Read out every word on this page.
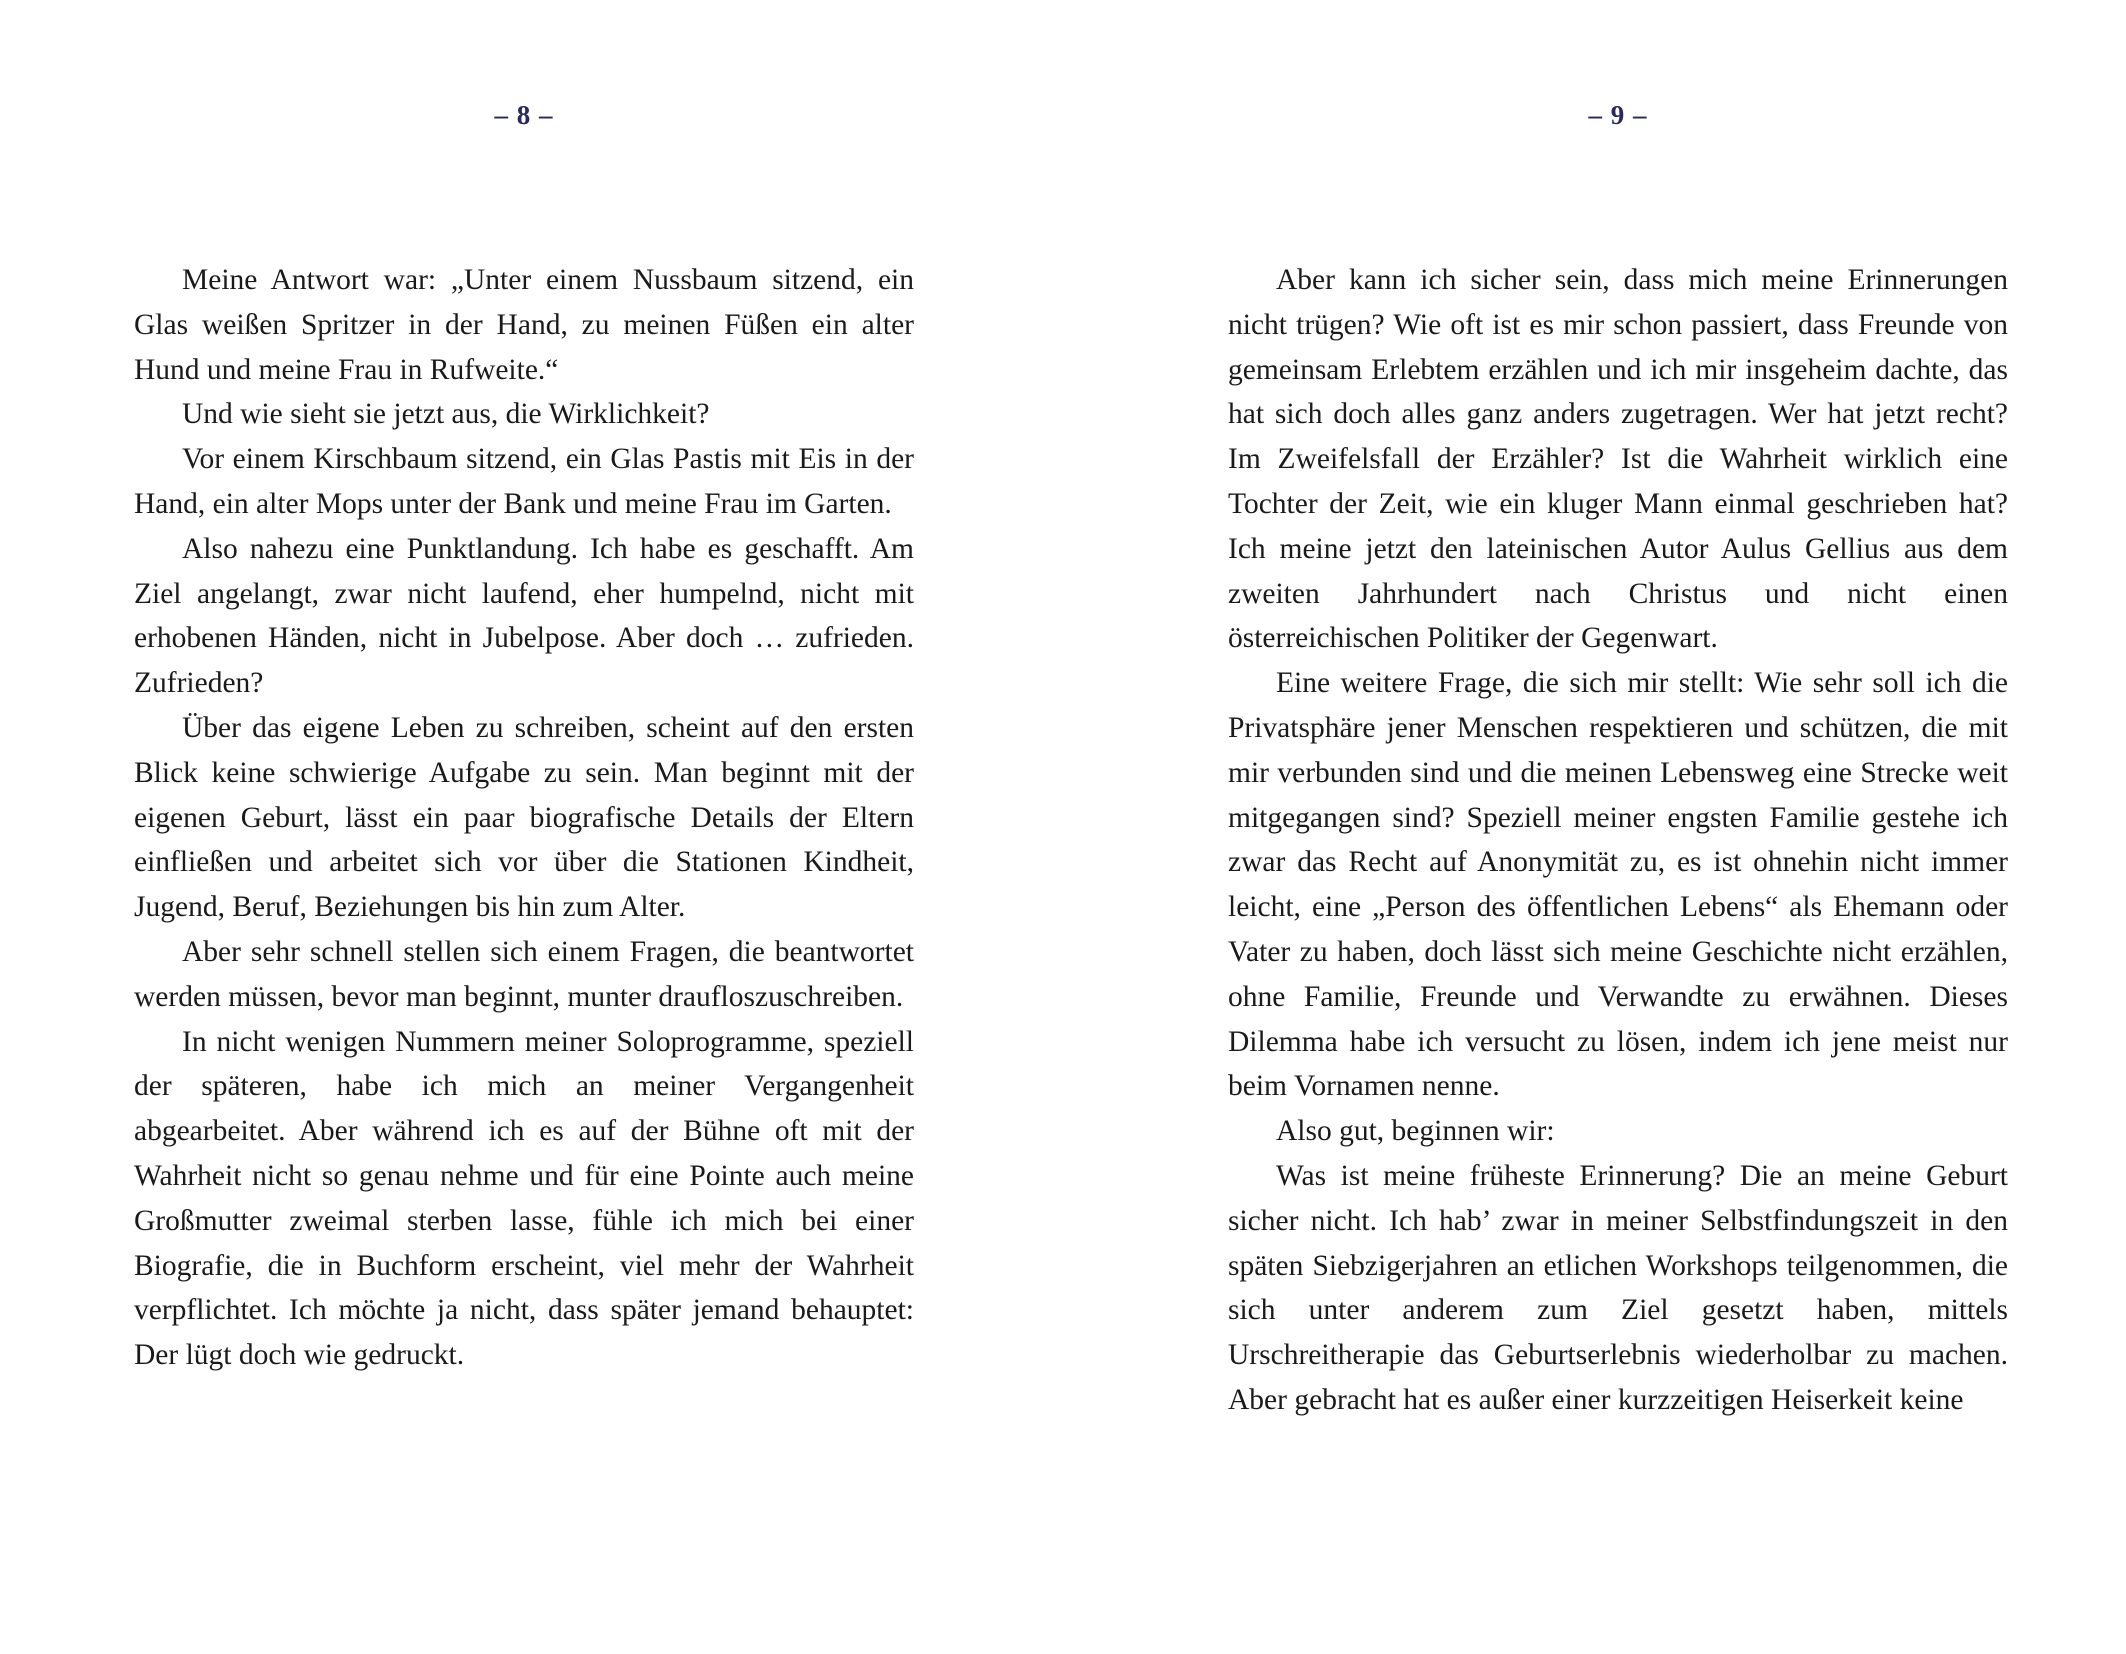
– 8 –

Meine Antwort war: „Unter einem Nussbaum sitzend, ein Glas weißen Spritzer in der Hand, zu meinen Füßen ein alter Hund und meine Frau in Rufweite.“

Und wie sieht sie jetzt aus, die Wirklichkeit?

Vor einem Kirschbaum sitzend, ein Glas Pastis mit Eis in der Hand, ein alter Mops unter der Bank und meine Frau im Garten.

Also nahezu eine Punktlandung. Ich habe es geschafft. Am Ziel angelangt, zwar nicht laufend, eher humpelnd, nicht mit erhobenen Händen, nicht in Jubelpose. Aber doch … zufrieden. Zufrieden?

Über das eigene Leben zu schreiben, scheint auf den ersten Blick keine schwierige Aufgabe zu sein. Man beginnt mit der eigenen Geburt, lässt ein paar biografische Details der Eltern einfließen und arbeitet sich vor über die Stationen Kindheit, Jugend, Beruf, Beziehungen bis hin zum Alter.

Aber sehr schnell stellen sich einem Fragen, die beantwortet werden müssen, bevor man beginnt, munter draufloszuschreiben.

In nicht wenigen Nummern meiner Soloprogramme, speziell der späteren, habe ich mich an meiner Vergangenheit abgearbeitet. Aber während ich es auf der Bühne oft mit der Wahrheit nicht so genau nehme und für eine Pointe auch meine Großmutter zweimal sterben lasse, fühle ich mich bei einer Biografie, die in Buchform erscheint, viel mehr der Wahrheit verpflichtet. Ich möchte ja nicht, dass später jemand behauptet: Der lügt doch wie gedruckt.

– 9 –

Aber kann ich sicher sein, dass mich meine Erinnerungen nicht trügen? Wie oft ist es mir schon passiert, dass Freunde von gemeinsam Erlebtem erzählen und ich mir insgeheim dachte, das hat sich doch alles ganz anders zugetragen. Wer hat jetzt recht? Im Zweifelsfall der Erzähler? Ist die Wahrheit wirklich eine Tochter der Zeit, wie ein kluger Mann einmal geschrieben hat? Ich meine jetzt den lateinischen Autor Aulus Gellius aus dem zweiten Jahrhundert nach Christus und nicht einen österreichischen Politiker der Gegenwart.

Eine weitere Frage, die sich mir stellt: Wie sehr soll ich die Privatsphäre jener Menschen respektieren und schützen, die mit mir verbunden sind und die meinen Lebensweg eine Strecke weit mitgegangen sind? Speziell meiner engsten Familie gestehe ich zwar das Recht auf Anonymität zu, es ist ohnehin nicht immer leicht, eine „Person des öffentlichen Lebens“ als Ehemann oder Vater zu haben, doch lässt sich meine Geschichte nicht erzählen, ohne Familie, Freunde und Verwandte zu erwähnen. Dieses Dilemma habe ich versucht zu lösen, indem ich jene meist nur beim Vornamen nenne.

Also gut, beginnen wir:

Was ist meine früheste Erinnerung? Die an meine Geburt sicher nicht. Ich hab’ zwar in meiner Selbstfindungszeit in den späten Siebzigerjahren an etlichen Workshops teilgenommen, die sich unter anderem zum Ziel gesetzt haben, mittels Urschreitherapie das Geburtserlebnis wiederholbar zu machen. Aber gebracht hat es außer einer kurzzeitigen Heiserkeit keine
